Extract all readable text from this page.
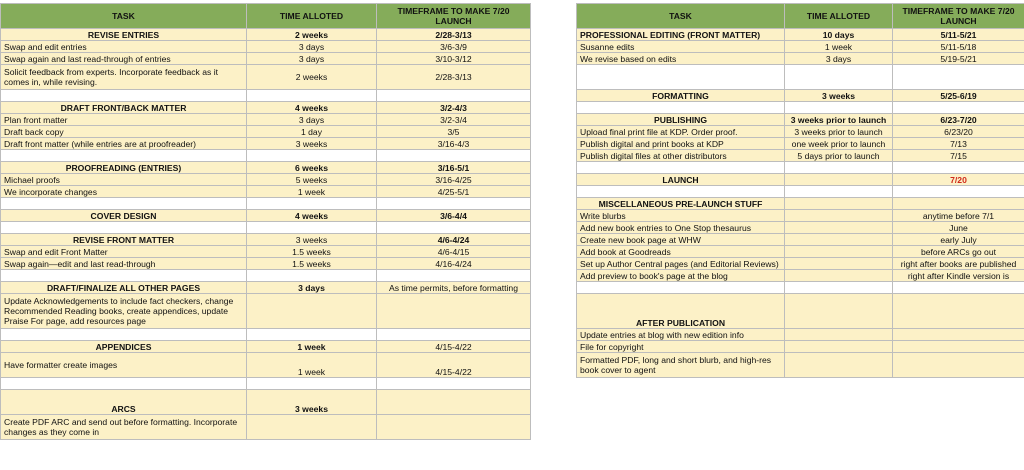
TASK	TIME ALLOTED	TIMEFRAME TO MAKE 7/20 LAUNCH
REVISE ENTRIES	2 weeks	2/28-3/13
Swap and edit entries	3 days	3/6-3/9
Swap again and last read-through of entries	3 days	3/10-3/12
Solicit feedback from experts. Incorporate feedback as it comes in, while revising.	2 weeks	2/28-3/13

DRAFT FRONT/BACK MATTER	4 weeks	3/2-4/3
Plan front matter	3 days	3/2-3/4
Draft back copy	1 day	3/5
Draft front matter (while entries are at proofreader)	3 weeks	3/16-4/3

PROOFREADING (ENTRIES)	6 weeks	3/16-5/1
Michael proofs	5 weeks	3/16-4/25
We incorporate changes	1 week	4/25-5/1

COVER DESIGN	4 weeks	3/6-4/4

REVISE FRONT MATTER	3 weeks	4/6-4/24
Swap and edit Front Matter	1.5 weeks	4/6-4/15
Swap again—edit and last read-through	1.5 weeks	4/16-4/24

DRAFT/FINALIZE ALL OTHER PAGES	3 days	As time permits, before formatting
Update Acknowledgements to include fact checkers, change Recommended Reading books, create appendices, update Praise For page, add resources page		

APPENDICES	1 week	4/15-4/22
Have formatter create images	1 week	4/15-4/22

ARCS	3 weeks	
Create PDF ARC and send out before formatting. Incorporate changes as they come in		
TASK	TIME ALLOTED	TIMEFRAME TO MAKE 7/20 LAUNCH
PROFESSIONAL EDITING (FRONT MATTER)	10 days	5/11-5/21
Susanne edits	1 week	5/11-5/18
We revise based on edits	3 days	5/19-5/21

FORMATTING	3 weeks	5/25-6/19

PUBLISHING	3 weeks prior to launch	6/23-7/20
Upload final print file at KDP. Order proof.	3 weeks prior to launch	6/23/20
Publish digital and print books at KDP	one week prior to launch	7/13
Publish digital files at other distributors	5 days prior to launch	7/15

LAUNCH		7/20

MISCELLANEOUS PRE-LAUNCH STUFF		
Write blurbs		anytime before 7/1
Add new book entries to One Stop thesaurus		June
Create new book page at WHW		early July
Add book at Goodreads		before ARCs go out
Set up Author Central pages (and Editorial Reviews)		right after books are published
Add preview to book's page at the blog		right after Kindle version is

AFTER PUBLICATION		
Update entries at blog with new edition info		
File for copyright		
Formatted PDF, long and short blurb, and high-res book cover to agent		
